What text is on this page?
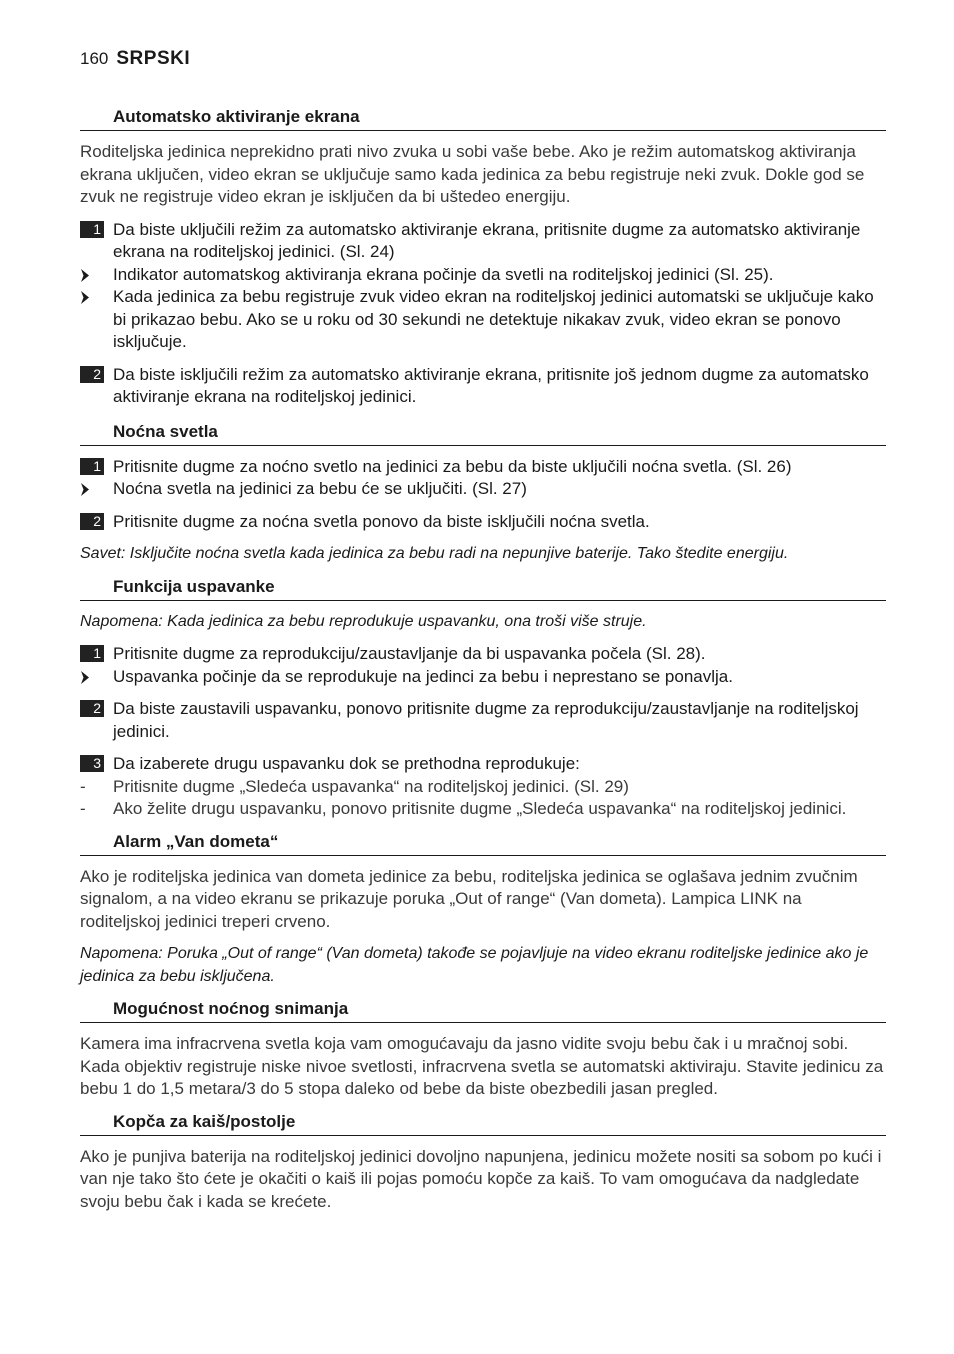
160 SRPSKI
Automatsko aktiviranje ekrana
Roditeljska jedinica neprekidno prati nivo zvuka u sobi vaše bebe. Ako je režim automatskog aktiviranja ekrana uključen, video ekran se uključuje samo kada jedinica za bebu registruje neki zvuk. Dokle god se zvuk ne registruje video ekran je isključen da bi uštedeo energiju.
1 Da biste uključili režim za automatsko aktiviranje ekrana, pritisnite dugme za automatsko aktiviranje ekrana na roditeljskoj jedinici. (Sl. 24)
Indikator automatskog aktiviranja ekrana počinje da svetli na roditeljskoj jedinici (Sl. 25).
Kada jedinica za bebu registruje zvuk video ekran na roditeljskoj jedinici automatski se uključuje kako bi prikazao bebu. Ako se u roku od 30 sekundi ne detektuje nikakav zvuk, video ekran se ponovo isključuje.
2 Da biste isključili režim za automatsko aktiviranje ekrana, pritisnite još jednom dugme za automatsko aktiviranje ekrana na roditeljskoj jedinici.
Noćna svetla
1 Pritisnite dugme za noćno svetlo na jedinici za bebu da biste uključili noćna svetla. (Sl. 26)
Noćna svetla na jedinici za bebu će se uključiti. (Sl. 27)
2 Pritisnite dugme za noćna svetla ponovo da biste isključili noćna svetla.
Savet: Isključite noćna svetla kada jedinica za bebu radi na nepunjive baterije. Tako štedite energiju.
Funkcija uspavanke
Napomena: Kada jedinica za bebu reprodukuje uspavanku, ona troši više struje.
1 Pritisnite dugme za reprodukciju/zaustavljanje da bi uspavanka počela (Sl. 28).
Uspavanka počinje da se reprodukuje na jedinci za bebu i neprestano se ponavlja.
2 Da biste zaustavili uspavanku, ponovo pritisnite dugme za reprodukciju/zaustavljanje na roditeljskoj jedinici.
3 Da izaberete drugu uspavanku dok se prethodna reprodukuje:
-	Pritisnite dugme „Sledeća uspavanka“ na roditeljskoj jedinici. (Sl. 29)
-	Ako želite drugu uspavanku, ponovo pritisnite dugme „Sledeća uspavanka“ na roditeljskoj jedinici.
Alarm „Van dometa“
Ako je roditeljska jedinica van dometa jedinice za bebu, roditeljska jedinica se oglašava jednim zvučnim signalom, a na video ekranu se prikazuje poruka „Out of range“ (Van dometa). Lampica LINK na roditeljskoj jedinici treperi crveno.
Napomena: Poruka „Out of range“ (Van dometa) takođe se pojavljuje na video ekranu roditeljske jedinice ako je jedinica za bebu isključena.
Mogućnost noćnog snimanja
Kamera ima infracrvena svetla koja vam omogućavaju da jasno vidite svoju bebu čak i u mračnoj sobi. Kada objektiv registruje niske nivoe svetlosti, infracrvena svetla se automatski aktiviraju. Stavite jedinicu za bebu 1 do 1,5 metara/3 do 5 stopa daleko od bebe da biste obezbedili jasan pregled.
Kopča za kaiš/postolje
Ako je punjiva baterija na roditeljskoj jedinici dovoljno napunjena, jedinicu možete nositi sa sobom po kući i van nje tako što ćete je okačiti o kaiš ili pojas pomoću kopče za kaiš. To vam omogućava da nadgledate svoju bebu čak i kada se krećete.
